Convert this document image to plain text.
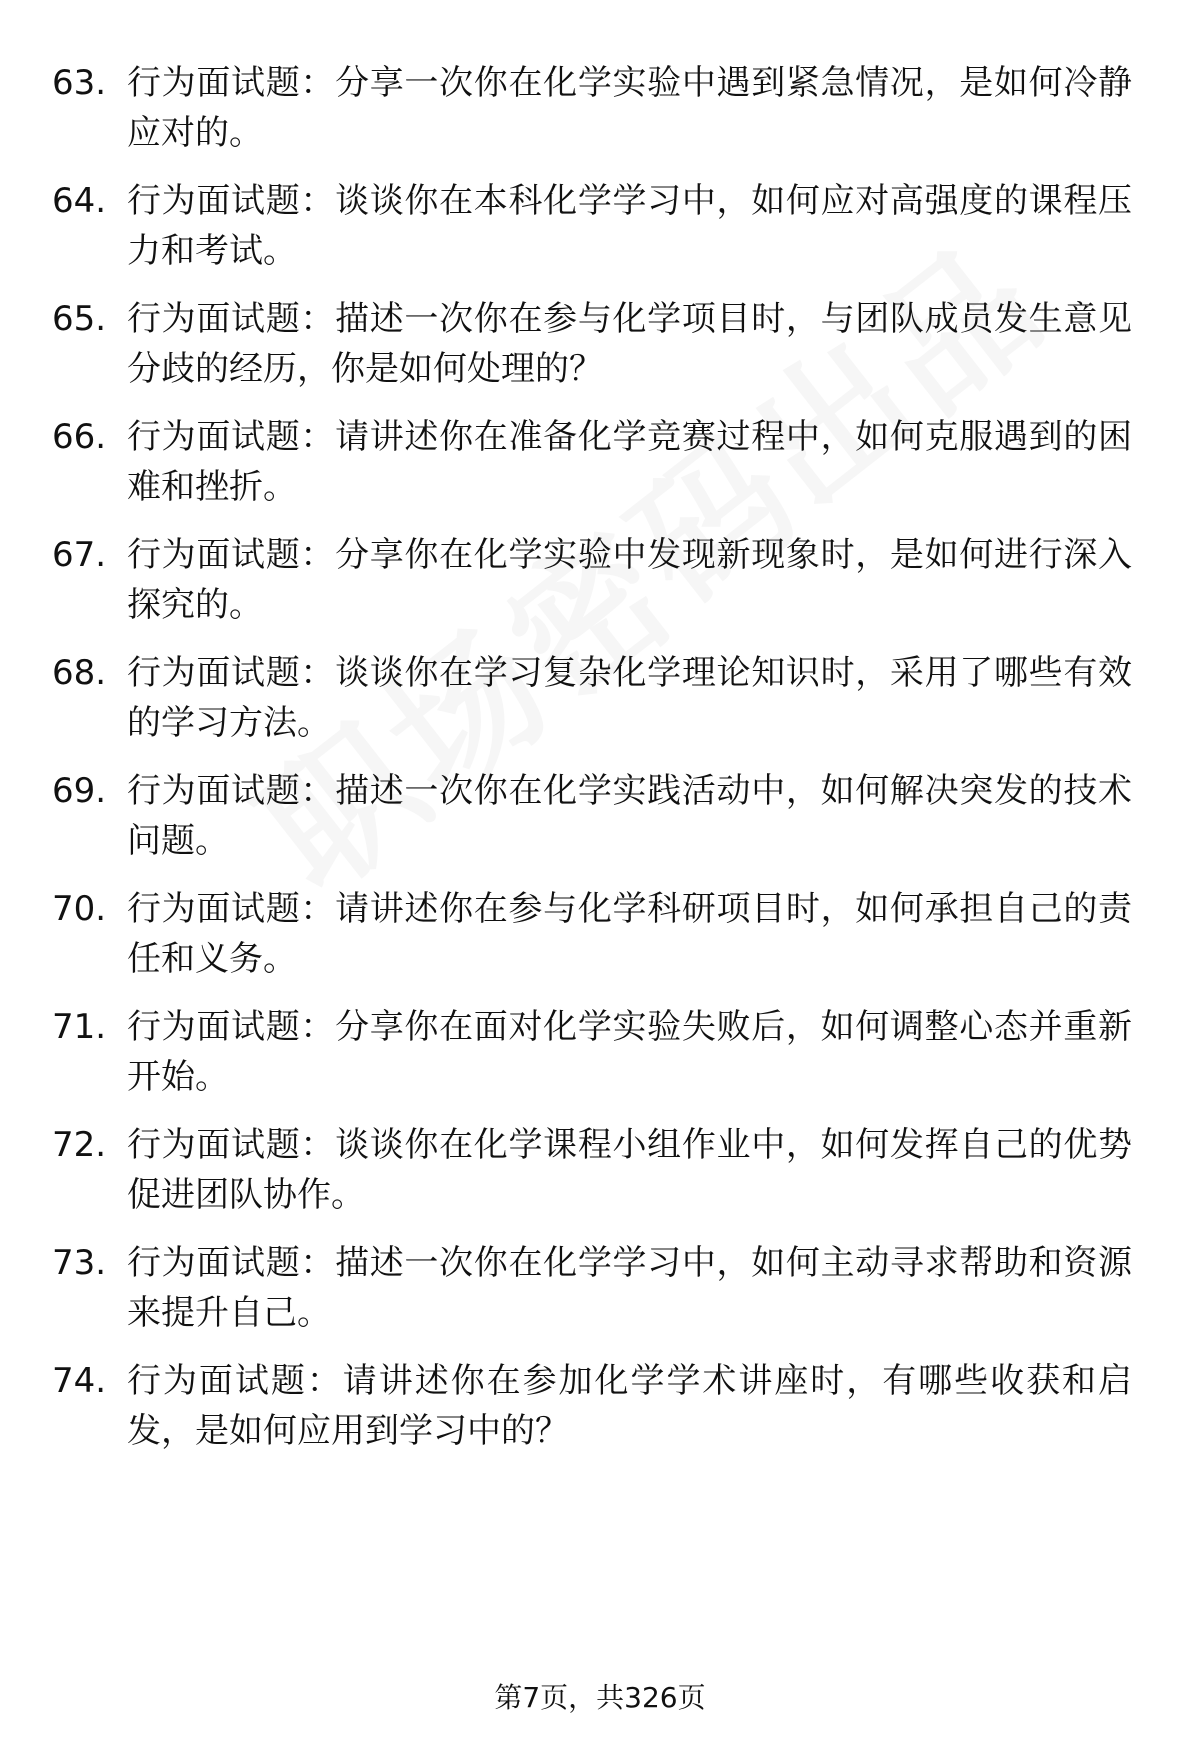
63. 行为面试题：分享一次你在化学实验中遇到紧急情况，是如何冷静应对的。
64. 行为面试题：谈谈你在本科化学学习中，如何应对高强度的课程压力和考试。
65. 行为面试题：描述一次你在参与化学项目时，与团队成员发生意见分歧的经历，你是如何处理的？
66. 行为面试题：请讲述你在准备化学竞赛过程中，如何克服遇到的困难和挫折。
67. 行为面试题：分享你在化学实验中发现新现象时，是如何进行深入探究的。
68. 行为面试题：谈谈你在学习复杂化学理论知识时，采用了哪些有效的学习方法。
69. 行为面试题：描述一次你在化学实践活动中，如何解决突发的技术问题。
70. 行为面试题：请讲述你在参与化学科研项目时，如何承担自己的责任和义务。
71. 行为面试题：分享你在面对化学实验失败后，如何调整心态并重新开始。
72. 行为面试题：谈谈你在化学课程小组作业中，如何发挥自己的优势促进团队协作。
73. 行为面试题：描述一次你在化学学习中，如何主动寻求帮助和资源来提升自己。
74. 行为面试题：请讲述你在参加化学学术讲座时，有哪些收获和启发，是如何应用到学习中的？
第7页，共326页
